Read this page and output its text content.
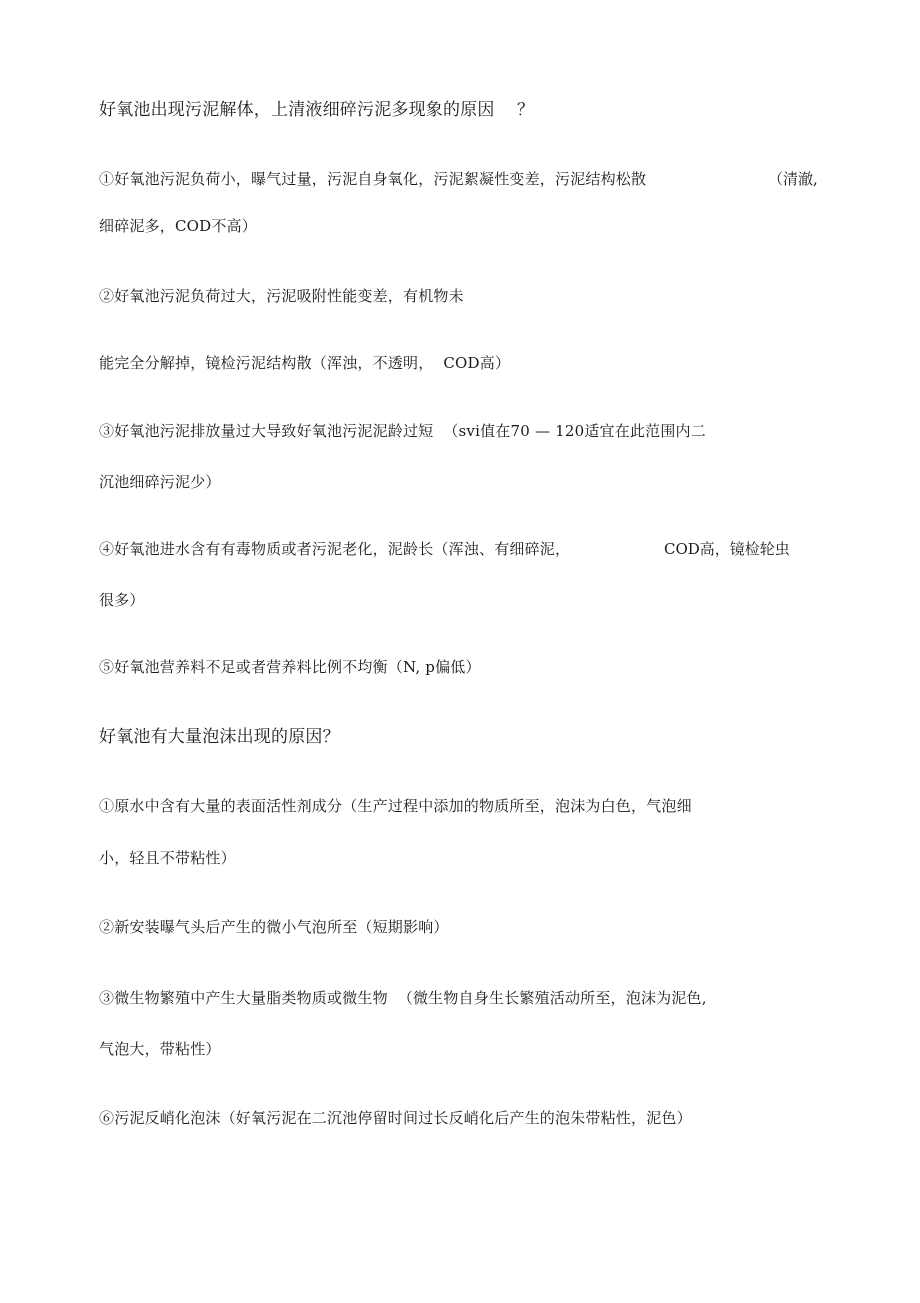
好氧池出现污泥解体，上清液细碎污泥多现象的原因    ？
①好氧池污泥负荷小，曝气过量，污泥自身氧化，污泥絮凝性变差，污泥结构松散	（清澈,
细碎泥多，COD不高）
②好氧池污泥负荷过大，污泥吸附性能变差，有机物未
能完全分解掉，镜检污泥结构散（浑浊，不透明，  COD高）
③好氧池污泥排放量过大导致好氧池污泥泥龄过短  （svi值在70 — 120适宜在此范围内二
沉池细碎污泥少）
④好氧池进水含有有毒物质或者污泥老化，泥龄长（浑浊、有细碎泥，	COD高，镜检轮虫
很多）
⑤好氧池营养料不足或者营养料比例不均衡（N, p偏低）
好氧池有大量泡沫出现的原因？
①原水中含有大量的表面活性剂成分（生产过程中添加的物质所至，泡沫为白色，气泡细
小，轻且不带粘性）
②新安装曝气头后产生的微小气泡所至（短期影响）
③微生物繁殖中产生大量脂类物质或微生物  （微生物自身生长繁殖活动所至，泡沫为泥色,
气泡大，带粘性）
⑥污泥反峭化泡沫（好氧污泥在二沉池停留时间过长反峭化后产生的泡朱带粘性，泥色）
